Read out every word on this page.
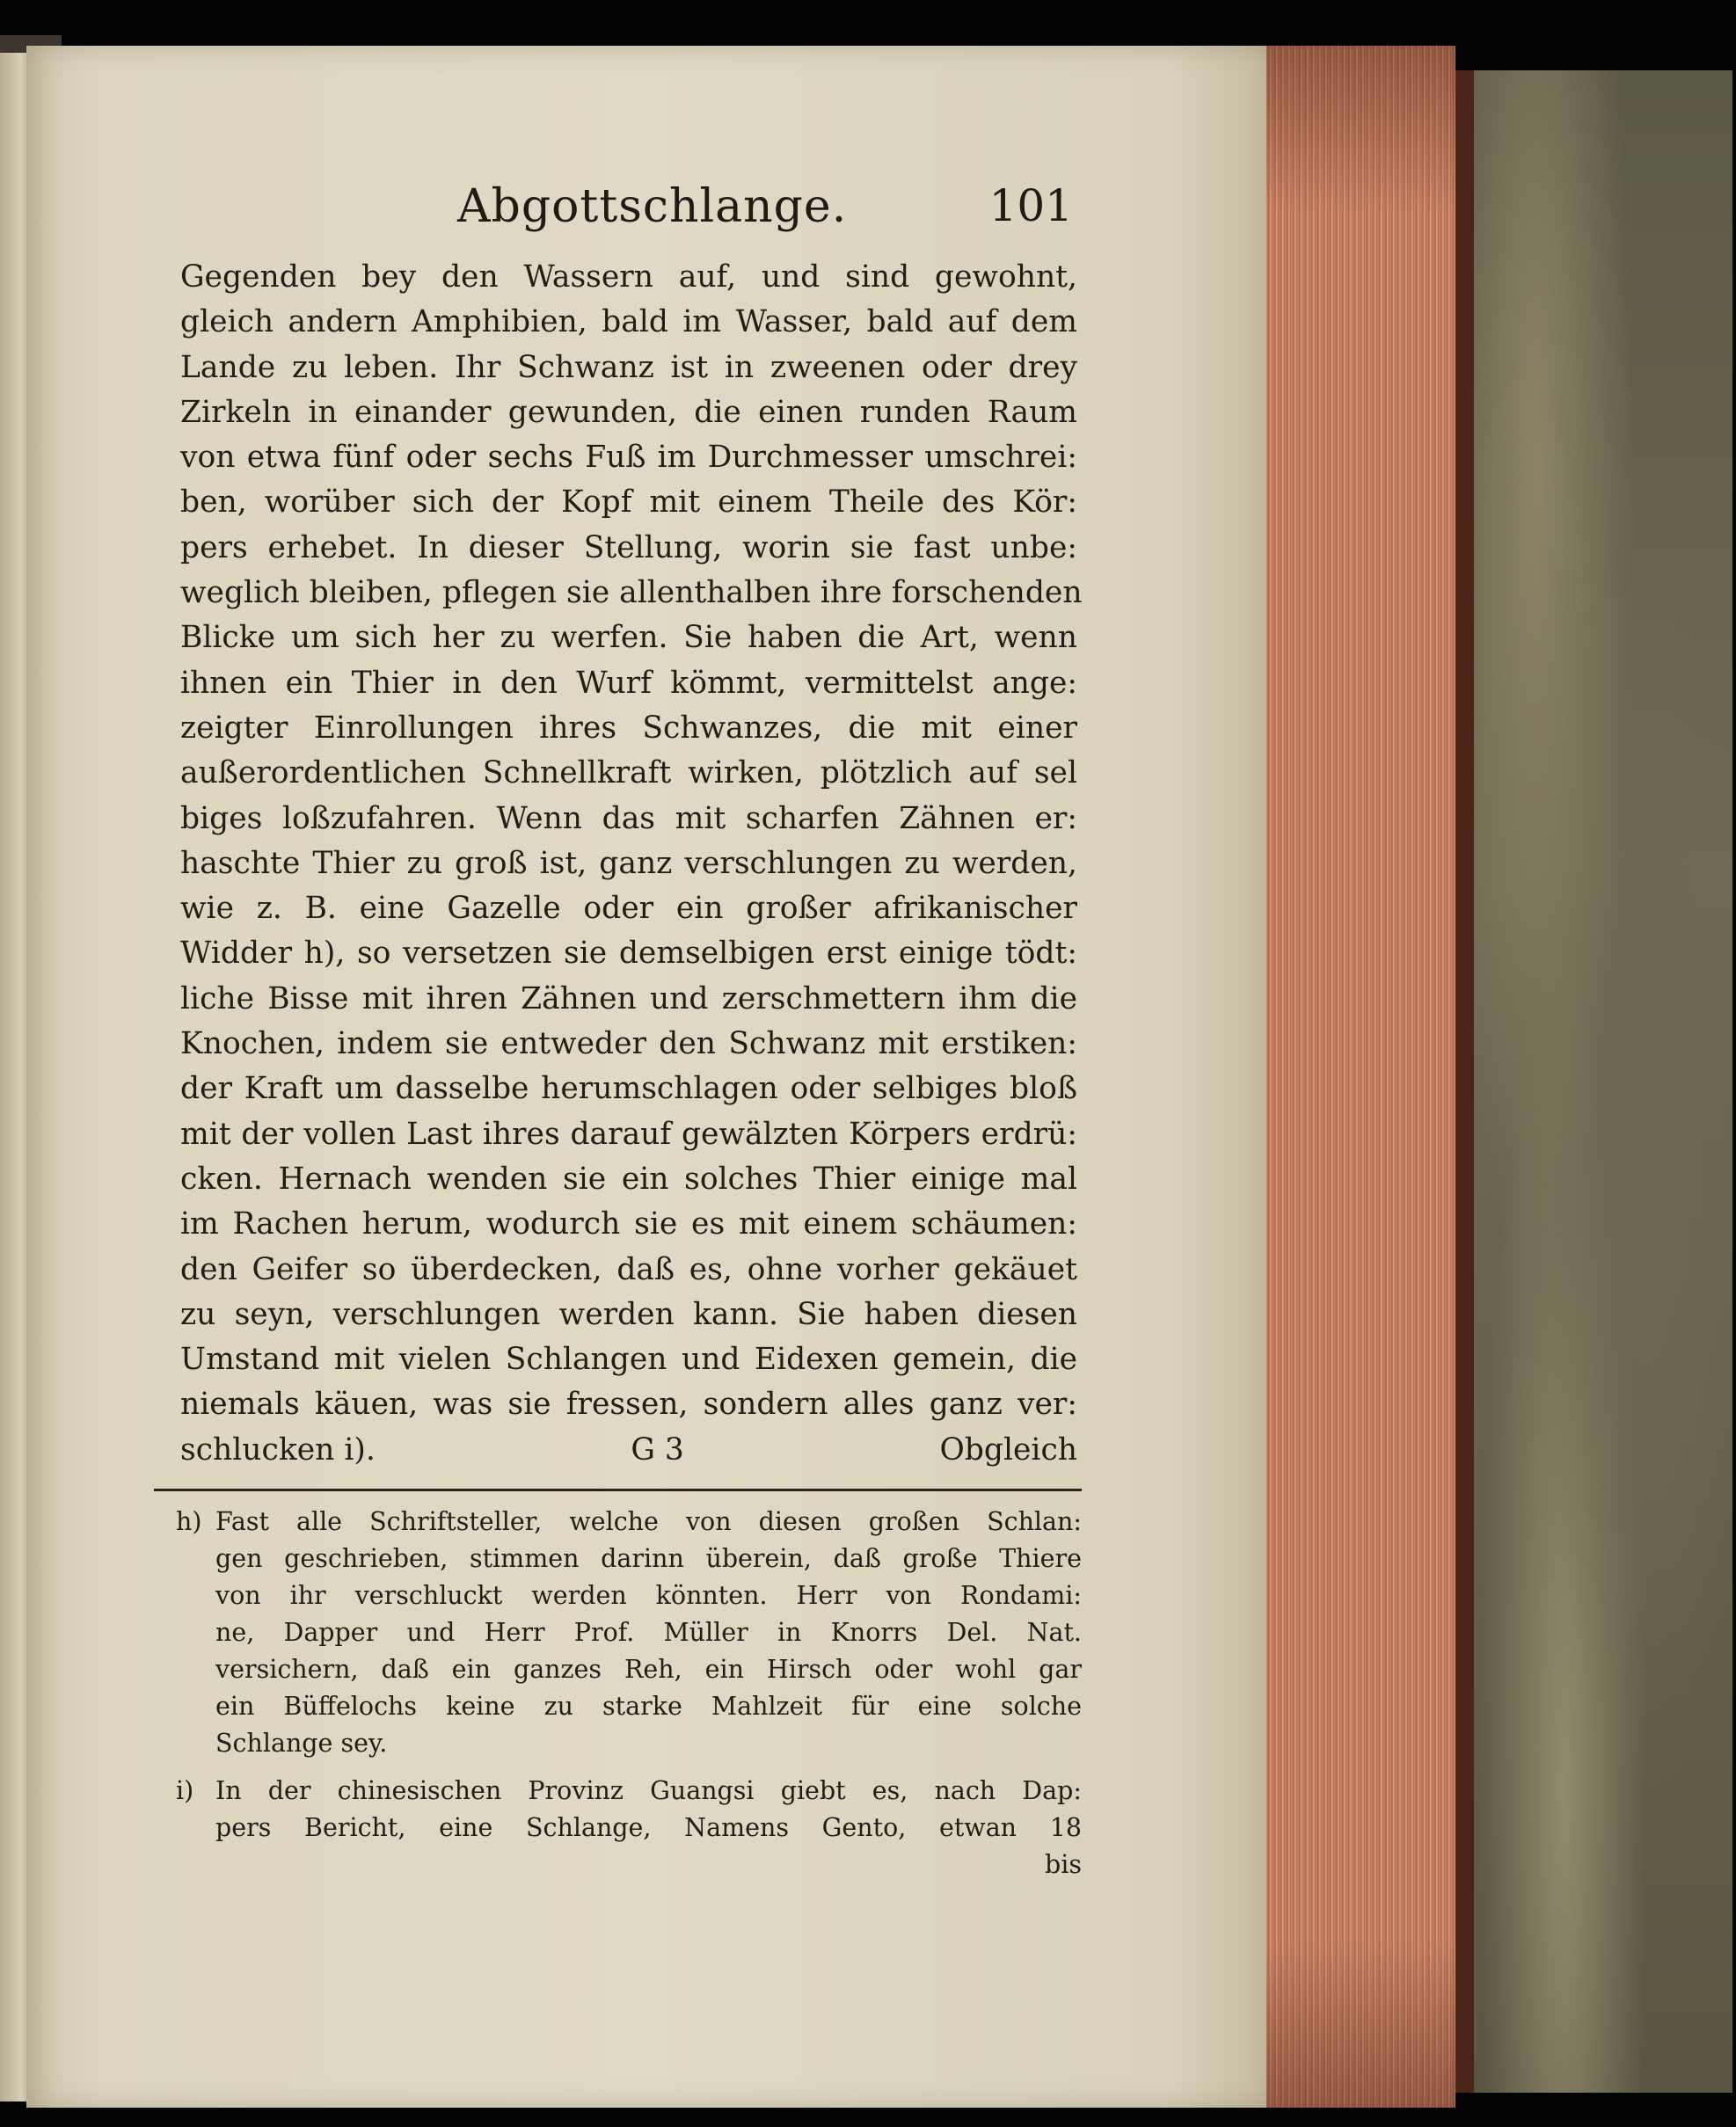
Abgottschlange.	101
Gegenden bey den Wassern auf, und sind gewohnt,
gleich andern Amphibien, bald im Wasser, bald auf dem
Lande zu leben. Ihr Schwanz ist in zweenen oder drey
Zirkeln in einander gewunden, die einen runden Raum
von etwa fünf oder sechs Fuß im Durchmesser umschrei:
ben, worüber sich der Kopf mit einem Theile des Kör:
pers erhebet. In dieser Stellung, worin sie fast unbe:
weglich bleiben, pflegen sie allenthalben ihre forschenden
Blicke um sich her zu werfen. Sie haben die Art, wenn
ihnen ein Thier in den Wurf kömmt, vermittelst ange:
zeigter Einrollungen ihres Schwanzes, die mit einer
außerordentlichen Schnellkraft wirken, plötzlich auf sel
biges loßzufahren. Wenn das mit scharfen Zähnen er:
haschte Thier zu groß ist, ganz verschlungen zu werden,
wie z. B. eine Gazelle oder ein großer afrikanischer
Widder h), so versetzen sie demselbigen erst einige tödt:
liche Bisse mit ihren Zähnen und zerschmettern ihm die
Knochen, indem sie entweder den Schwanz mit erstiken:
der Kraft um dasselbe herumschlagen oder selbiges bloß
mit der vollen Last ihres darauf gewälzten Körpers erdrü:
cken. Hernach wenden sie ein solches Thier einige mal
im Rachen herum, wodurch sie es mit einem schäumen:
den Geifer so überdecken, daß es, ohne vorher gekäuet
zu seyn, verschlungen werden kann. Sie haben diesen
Umstand mit vielen Schlangen und Eidexen gemein, die
niemals käuen, was sie fressen, sondern alles ganz ver:
schlucken i).	G 3	Obgleich
h) Fast alle Schriftsteller, welche von diesen großen Schlan:
gen geschrieben, stimmen darinn überein, daß große Thiere
von ihr verschluckt werden könnten. Herr von Rondami:
ne, Dapper und Herr Prof. Müller in Knorrs Del. Nat.
versichern, daß ein ganzes Reh, ein Hirsch oder wohl gar
ein Büffelochs keine zu starke Mahlzeit für eine solche
Schlange sey.
i) In der chinesischen Provinz Guangsi giebt es, nach Dap:
pers Bericht, eine Schlange, Namens Gento, etwan 18
bis
